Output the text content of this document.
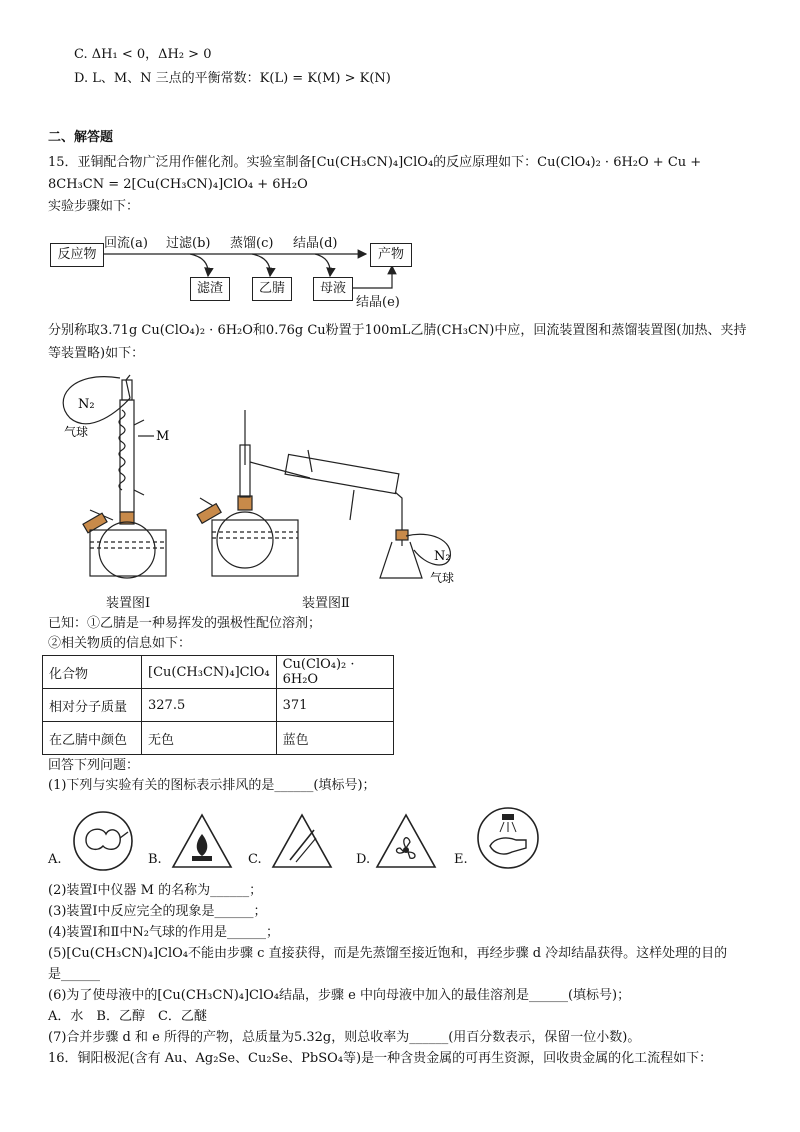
C. ΔH₁ < 0，ΔH₂ > 0
D. L、M、N 三点的平衡常数：K(L) = K(M) > K(N)
二、解答题
15．亚铜配合物广泛用作催化剂。实验室制备[Cu(CH₃CN)₄]ClO₄的反应原理如下：Cu(ClO₄)₂ · 6H₂O + Cu +
8CH₃CN = 2[Cu(CH₃CN)₄]ClO₄ + 6H₂O
实验步骤如下：
反应物
回流(a) 过滤(b) 蒸馏(c) 结晶(d)
产物
滤渣	乙腈	母液
结晶(e)
分别称取3.71g Cu(ClO₄)₂ · 6H₂O和0.76g Cu粉置于100mL乙腈(CH₃CN)中应，回流装置图和蒸馏装置图(加热、夹持
等装置略)如下：
N₂
气球	M
N₂
气球
装置图Ⅰ	装置图Ⅱ
已知：①乙腈是一种易挥发的强极性配位溶剂；
②相关物质的信息如下：
化合物	[Cu(CH₃CN)₄]ClO₄	Cu(ClO₄)₂ · 6H₂O
相对分子质量	327.5	371
在乙腈中颜色	无色	蓝色
回答下列问题：
(1)下列与实验有关的图标表示排风的是______(填标号)；
A.	B.	C.	D.	E.
(2)装置Ⅰ中仪器 M 的名称为______；
(3)装置Ⅰ中反应完全的现象是______；
(4)装置Ⅰ和Ⅱ中N₂气球的作用是______；
(5)[Cu(CH₃CN)₄]ClO₄不能由步骤 c 直接获得，而是先蒸馏至接近饱和，再经步骤 d 冷却结晶获得。这样处理的目的
是______
(6)为了使母液中的[Cu(CH₃CN)₄]ClO₄结晶，步骤 e 中向母液中加入的最佳溶剂是______(填标号)；
A．水　B．乙醇　C．乙醚
(7)合并步骤 d 和 e 所得的产物，总质量为5.32g，则总收率为______(用百分数表示，保留一位小数)。
16．铜阳极泥(含有 Au、Ag₂Se、Cu₂Se、PbSO₄等)是一种含贵金属的可再生资源，回收贵金属的化工流程如下：
